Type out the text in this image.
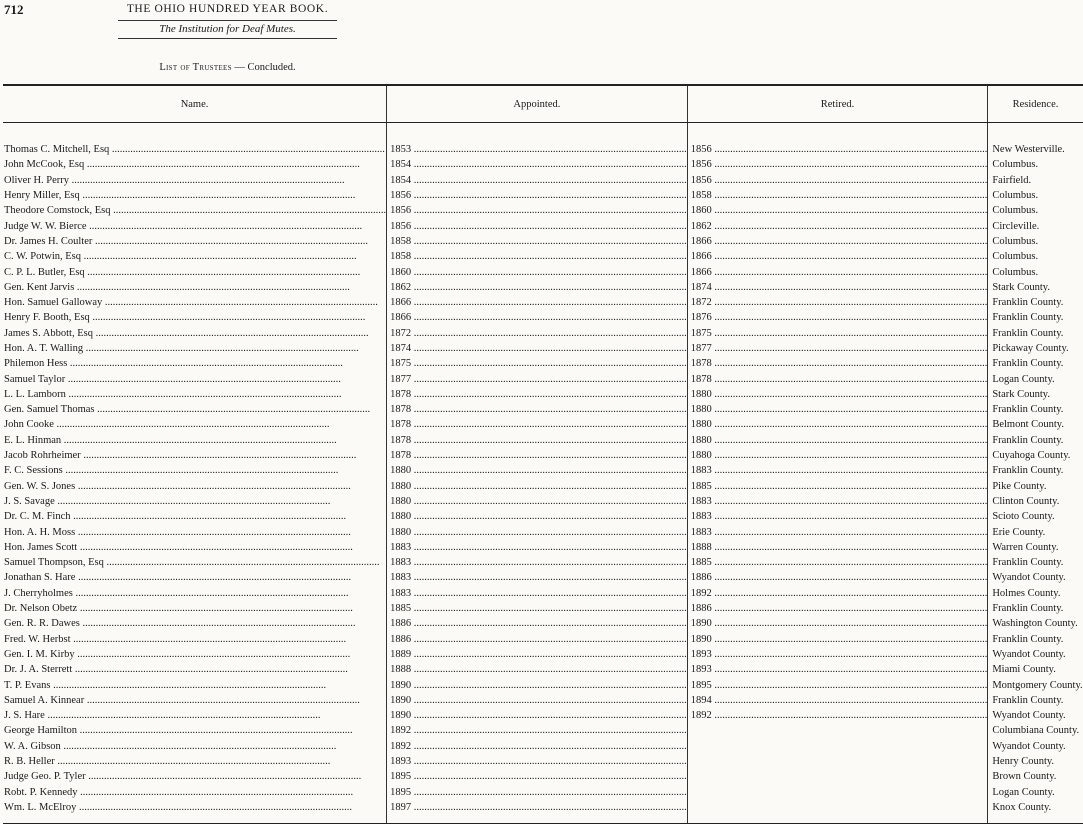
712	THE OHIO HUNDRED YEAR BOOK.
The Institution for Deaf Mutes.
List of Trustees — Concluded.
Name.	Appointed.	Retired.	Residence.

Thomas C. Mitchell, Esq .....	1853 .....	1856 .....	New Westerville.
John McCook, Esq .....	1854 .....	1856 .....	Columbus.
Oliver H. Perry .....	1854 .....	1856 .....	Fairfield.
Henry Miller, Esq .....	1856 .....	1858 .....	Columbus.
Theodore Comstock, Esq .....	1856 .....	1860 .....	Columbus.
Judge W. W. Bierce .....	1856 .....	1862 .....	Circleville.
Dr. James H. Coulter .....	1858 .....	1866 .....	Columbus.
C. W. Potwin, Esq .....	1858 .....	1866 .....	Columbus.
C. P. L. Butler, Esq .....	1860 .....	1866 .....	Columbus.
Gen. Kent Jarvis .....	1862 .....	1874 .....	Stark County.
Hon. Samuel Galloway .....	1866 .....	1872 .....	Franklin County.
Henry F. Booth, Esq .....	1866 .....	1876 .....	Franklin County.
James S. Abbott, Esq .....	1872 .....	1875 .....	Franklin County.
Hon. A. T. Walling .....	1874 .....	1877 .....	Pickaway County.
Philemon Hess .....	1875 .....	1878 .....	Franklin County.
Samuel Taylor .....	1877 .....	1878 .....	Logan County.
L. L. Lamborn .....	1878 .....	1880 .....	Stark County.
Gen. Samuel Thomas .....	1878 .....	1880 .....	Franklin County.
John Cooke .....	1878 .....	1880 .....	Belmont County.
E. L. Hinman .....	1878 .....	1880 .....	Franklin County.
Jacob Rohrheimer .....	1878 .....	1880 .....	Cuyahoga County.
F. C. Sessions .....	1880 .....	1883 .....	Franklin County.
Gen. W. S. Jones .....	1880 .....	1885 .....	Pike County.
J. S. Savage .....	1880 .....	1883 .....	Clinton County.
Dr. C. M. Finch .....	1880 .....	1883 .....	Scioto County.
Hon. A. H. Moss .....	1880 .....	1883 .....	Erie County.
Hon. James Scott .....	1883 .....	1888 .....	Warren County.
Samuel Thompson, Esq .....	1883 .....	1885 .....	Franklin County.
Jonathan S. Hare .....	1883 .....	1886 .....	Wyandot County.
J. Cherryholmes .....	1883 .....	1892 .....	Holmes County.
Dr. Nelson Obetz .....	1885 .....	1886 .....	Franklin County.
Gen. R. R. Dawes .....	1886 .....	1890 .....	Washington County.
Fred. W. Herbst .....	1886 .....	1890 .....	Franklin County.
Gen. I. M. Kirby .....	1889 .....	1893 .....	Wyandot County.
Dr. J. A. Sterrett .....	1888 .....	1893 .....	Miami County.
T. P. Evans .....	1890 .....	1895 .....	Montgomery County.
Samuel A. Kinnear .....	1890 .....	1894 .....	Franklin County.
J. S. Hare .....	1890 .....	1892 .....	Wyandot County.
George Hamilton .....	1892 .....		Columbiana County.
W. A. Gibson .....	1892 .....		Wyandot County.
R. B. Heller .....	1893 .....		Henry County.
Judge Geo. P. Tyler .....	1895 .....		Brown County.
Robt. P. Kennedy .....	1895 .....		Logan County.
Wm. L. McElroy .....	1897 .....		Knox County.
